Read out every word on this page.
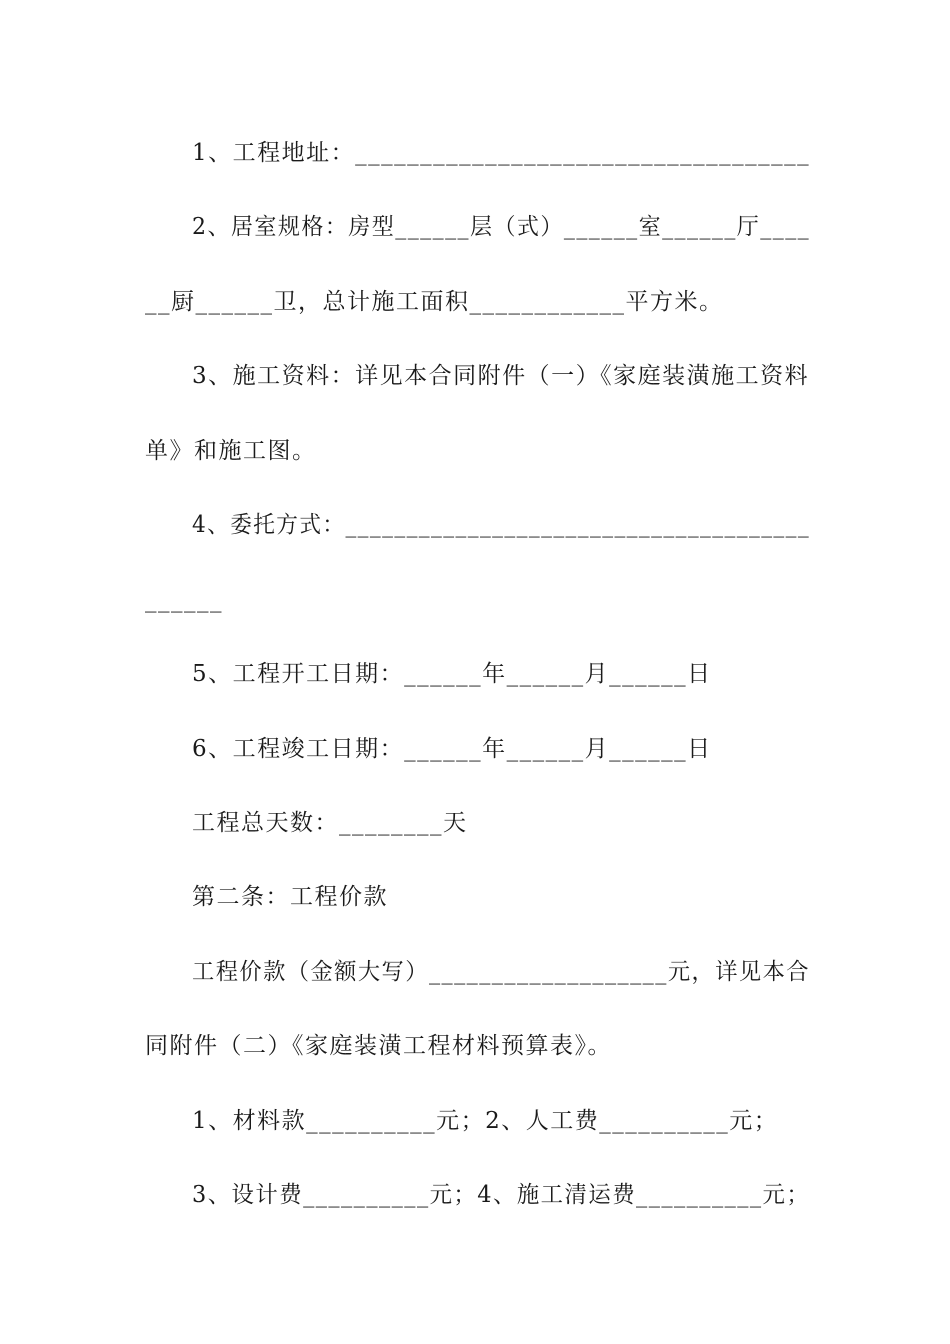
1、工程地址：___________________________________
2、居室规格：房型______层（式）______室______厅____
__厨______卫，总计施工面积____________平方米。
3、施工资料：详见本合同附件（一）《家庭装潢施工资料
单》和施工图。
4、委托方式：______________________________________
______
5、工程开工日期：______年______月______日
6、工程竣工日期：______年______月______日
工程总天数：________天
第二条：工程价款
工程价款（金额大写）___________________元，详见本合
同附件（二）《家庭装潢工程材料预算表》。
1、材料款__________元；2、人工费__________元；
3、设计费__________元；4、施工清运费__________元；
